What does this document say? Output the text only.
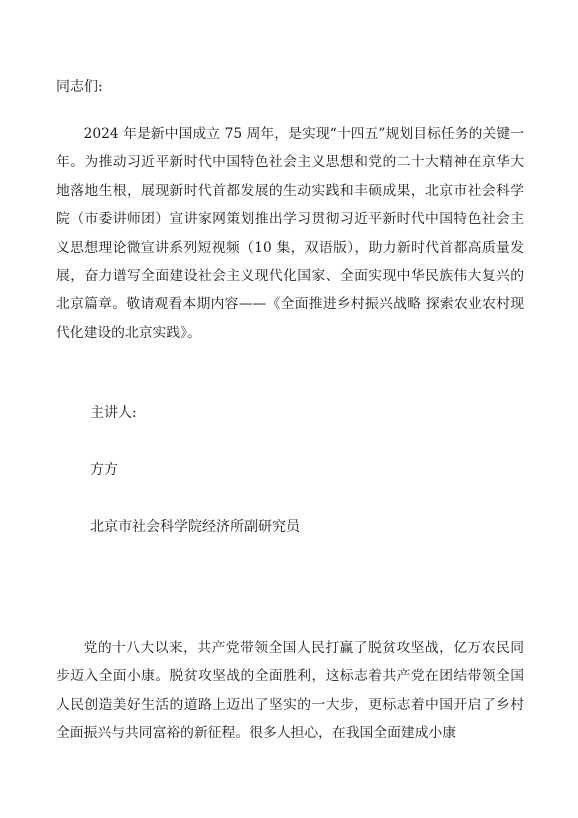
同志们:

2024 年是新中国成立 75 周年，是实现“十四五”规划目标任务的关键一年。为推动习近平新时代中国特色社会主义思想和党的二十大精神在京华大地落地生根，展现新时代首都发展的生动实践和丰硕成果，北京市社会科学院（市委讲师团）宣讲家网策划推出学习贯彻习近平新时代中国特色社会主义思想理论微宣讲系列短视频（10 集，双语版），助力新时代首都高质量发展，奋力谱写全面建设社会主义现代化国家、全面实现中华民族伟大复兴的北京篇章。敬请观看本期内容——《全面推进乡村振兴战略 探索农业农村现代化建设的北京实践》。

主讲人:
方方
北京市社会科学院经济所副研究员

党的十八大以来，共产党带领全国人民打赢了脱贫攻坚战，亿万农民同步迈入全面小康。脱贫攻坚战的全面胜利，这标志着共产党在团结带领全国人民创造美好生活的道路上迈出了坚实的一大步，更标志着中国开启了乡村全面振兴与共同富裕的新征程。很多人担心，在我国全面建成小康
